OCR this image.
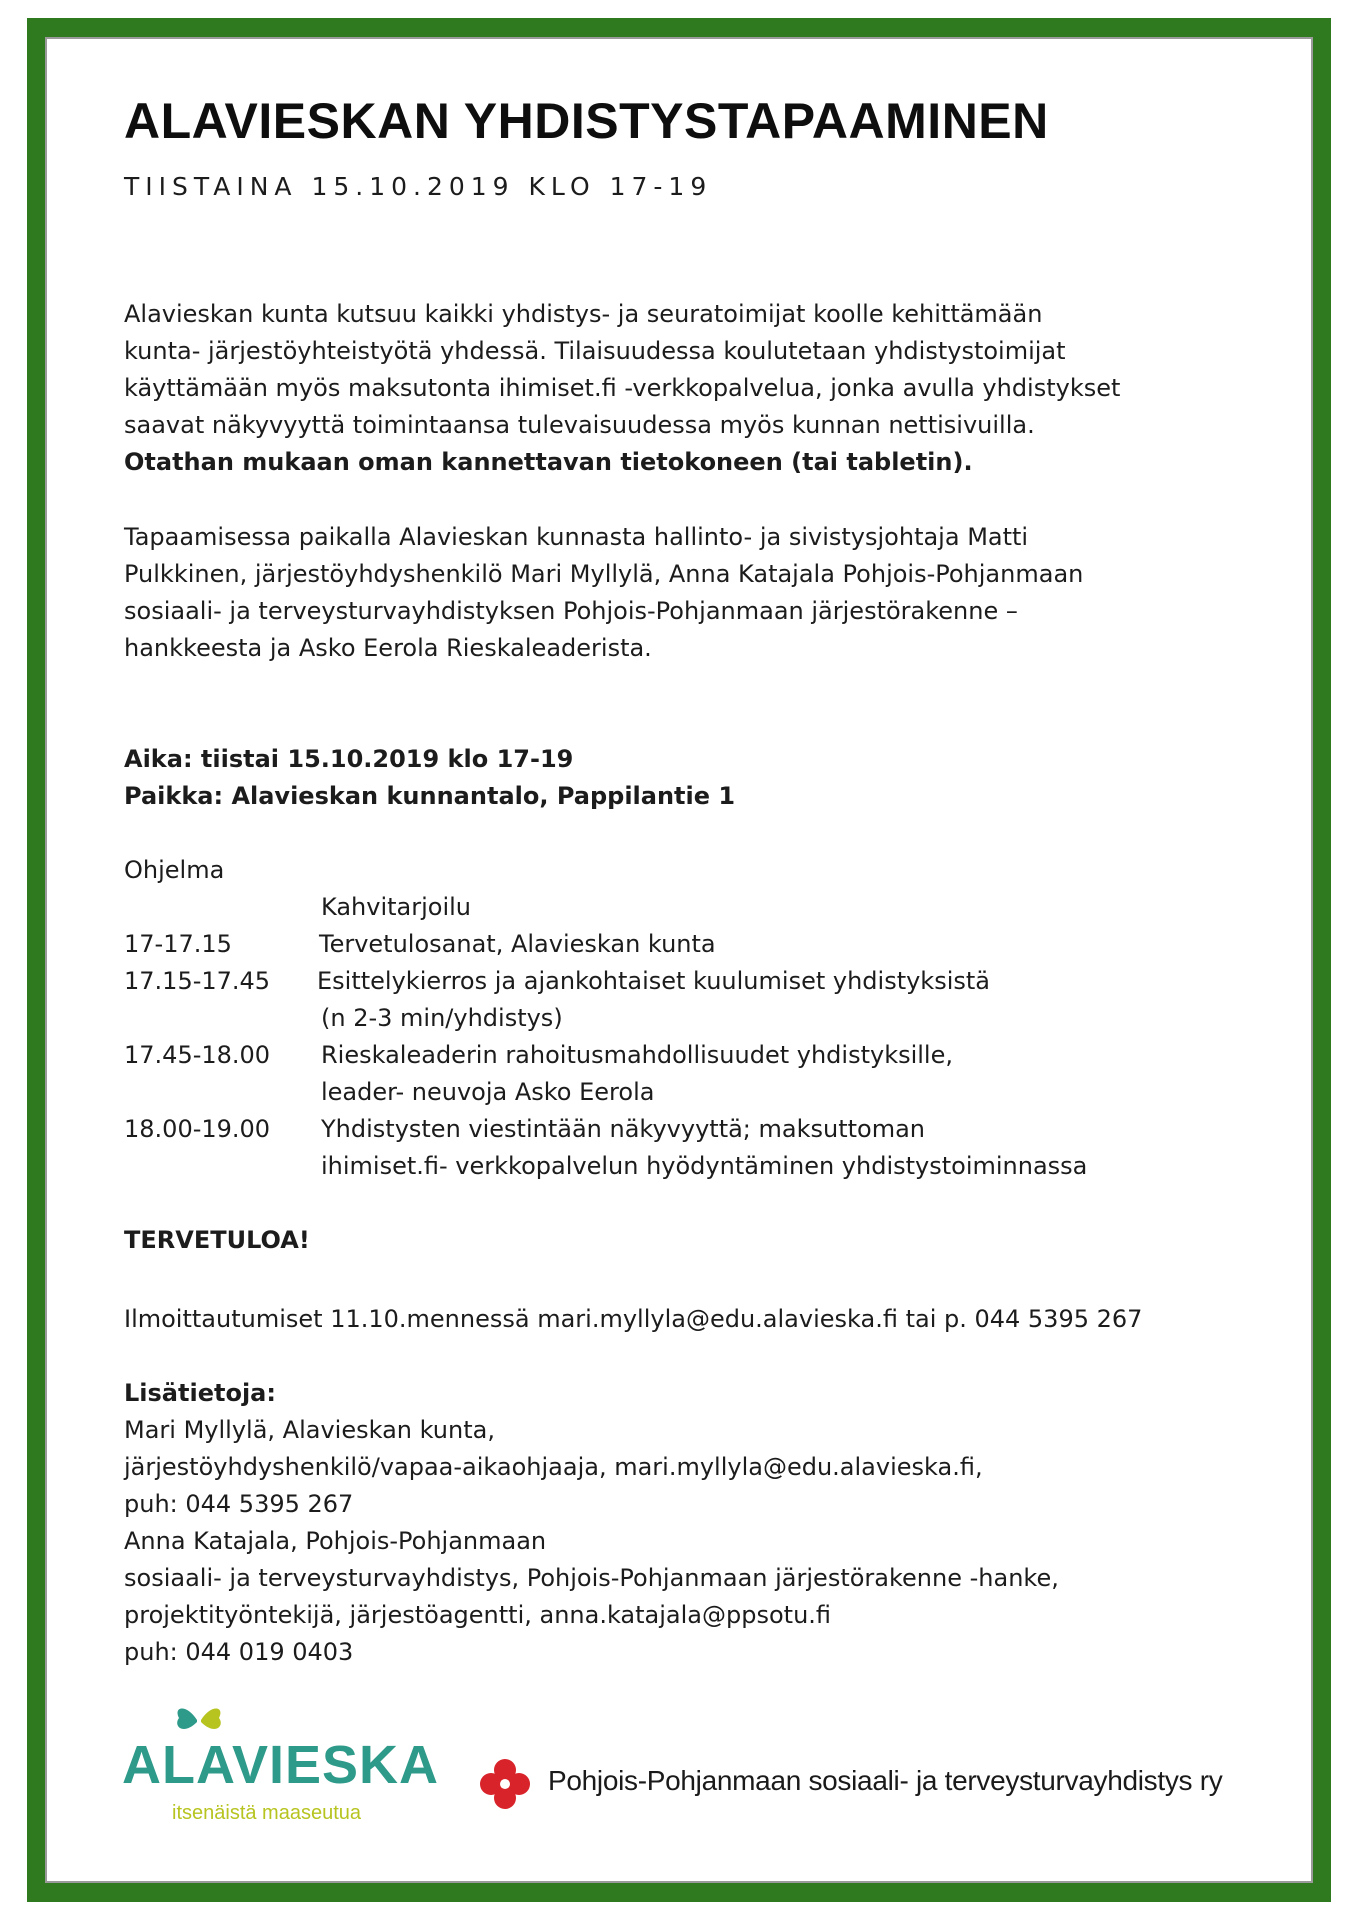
ALAVIESKAN YHDISTYSTAPAAMINEN
TIISTAINA 15.10.2019 KLO 17-19

Alavieskan kunta kutsuu kaikki yhdistys- ja seuratoimijat koolle kehittämään

kunta- järjestöyhteistyötä yhdessä. Tilaisuudessa koulutetaan yhdistystoimijat

käyttämään myös maksutonta ihimiset.fi -verkkopalvelua, jonka avulla yhdistykset

saavat näkyvyyttä toimintaansa tulevaisuudessa myös kunnan nettisivuilla.

Otathan mukaan oman kannettavan tietokoneen (tai tabletin).

Tapaamisessa paikalla Alavieskan kunnasta hallinto- ja sivistysjohtaja Matti

Pulkkinen, järjestöyhdyshenkilö Mari Myllylä, Anna Katajala Pohjois-Pohjanmaan

sosiaali- ja terveysturvayhdistyksen Pohjois-Pohjanmaan järjestörakenne –

hankkeesta ja Asko Eerola Rieskaleaderista.

Aika: tiistai 15.10.2019 klo 17-19
Paikka: Alavieskan kunnantalo, Pappilantie 1
Ohjelma
Kahvitarjoilu
17-17.15	Tervetulosanat, Alavieskan kunta
17.15-17.45 Esittelykierros ja ajankohtaiset kuulumiset yhdistyksistä
(n 2-3 min/yhdistys)
17.45-18.00 Rieskaleaderin rahoitusmahdollisuudet yhdistyksille,
leader- neuvoja Asko Eerola
18.00-19.00 Yhdistysten viestintään näkyvyyttä; maksuttoman
ihimiset.fi- verkkopalvelun hyödyntäminen yhdistystoiminnassa
TERVETULOA!
Ilmoittautumiset 11.10.mennessä mari.myllyla@edu.alavieska.fi tai p. 044 5395 267
Lisätietoja:

Mari Myllylä, Alavieskan kunta,

järjestöyhdyshenkilö/vapaa-aikaohjaaja, mari.myllyla@edu.alavieska.fi,

puh: 044 5395 267

Anna Katajala, Pohjois-Pohjanmaan

sosiaali- ja terveysturvayhdistys, Pohjois-Pohjanmaan järjestörakenne -hanke,

projektityöntekijä, järjestöagentti, anna.katajala@ppsotu.fi

puh: 044 019 0403

ALAVIESKA
itsenäistä maaseutua
Pohjois-Pohjanmaan sosiaali- ja terveysturvayhdistys ry
